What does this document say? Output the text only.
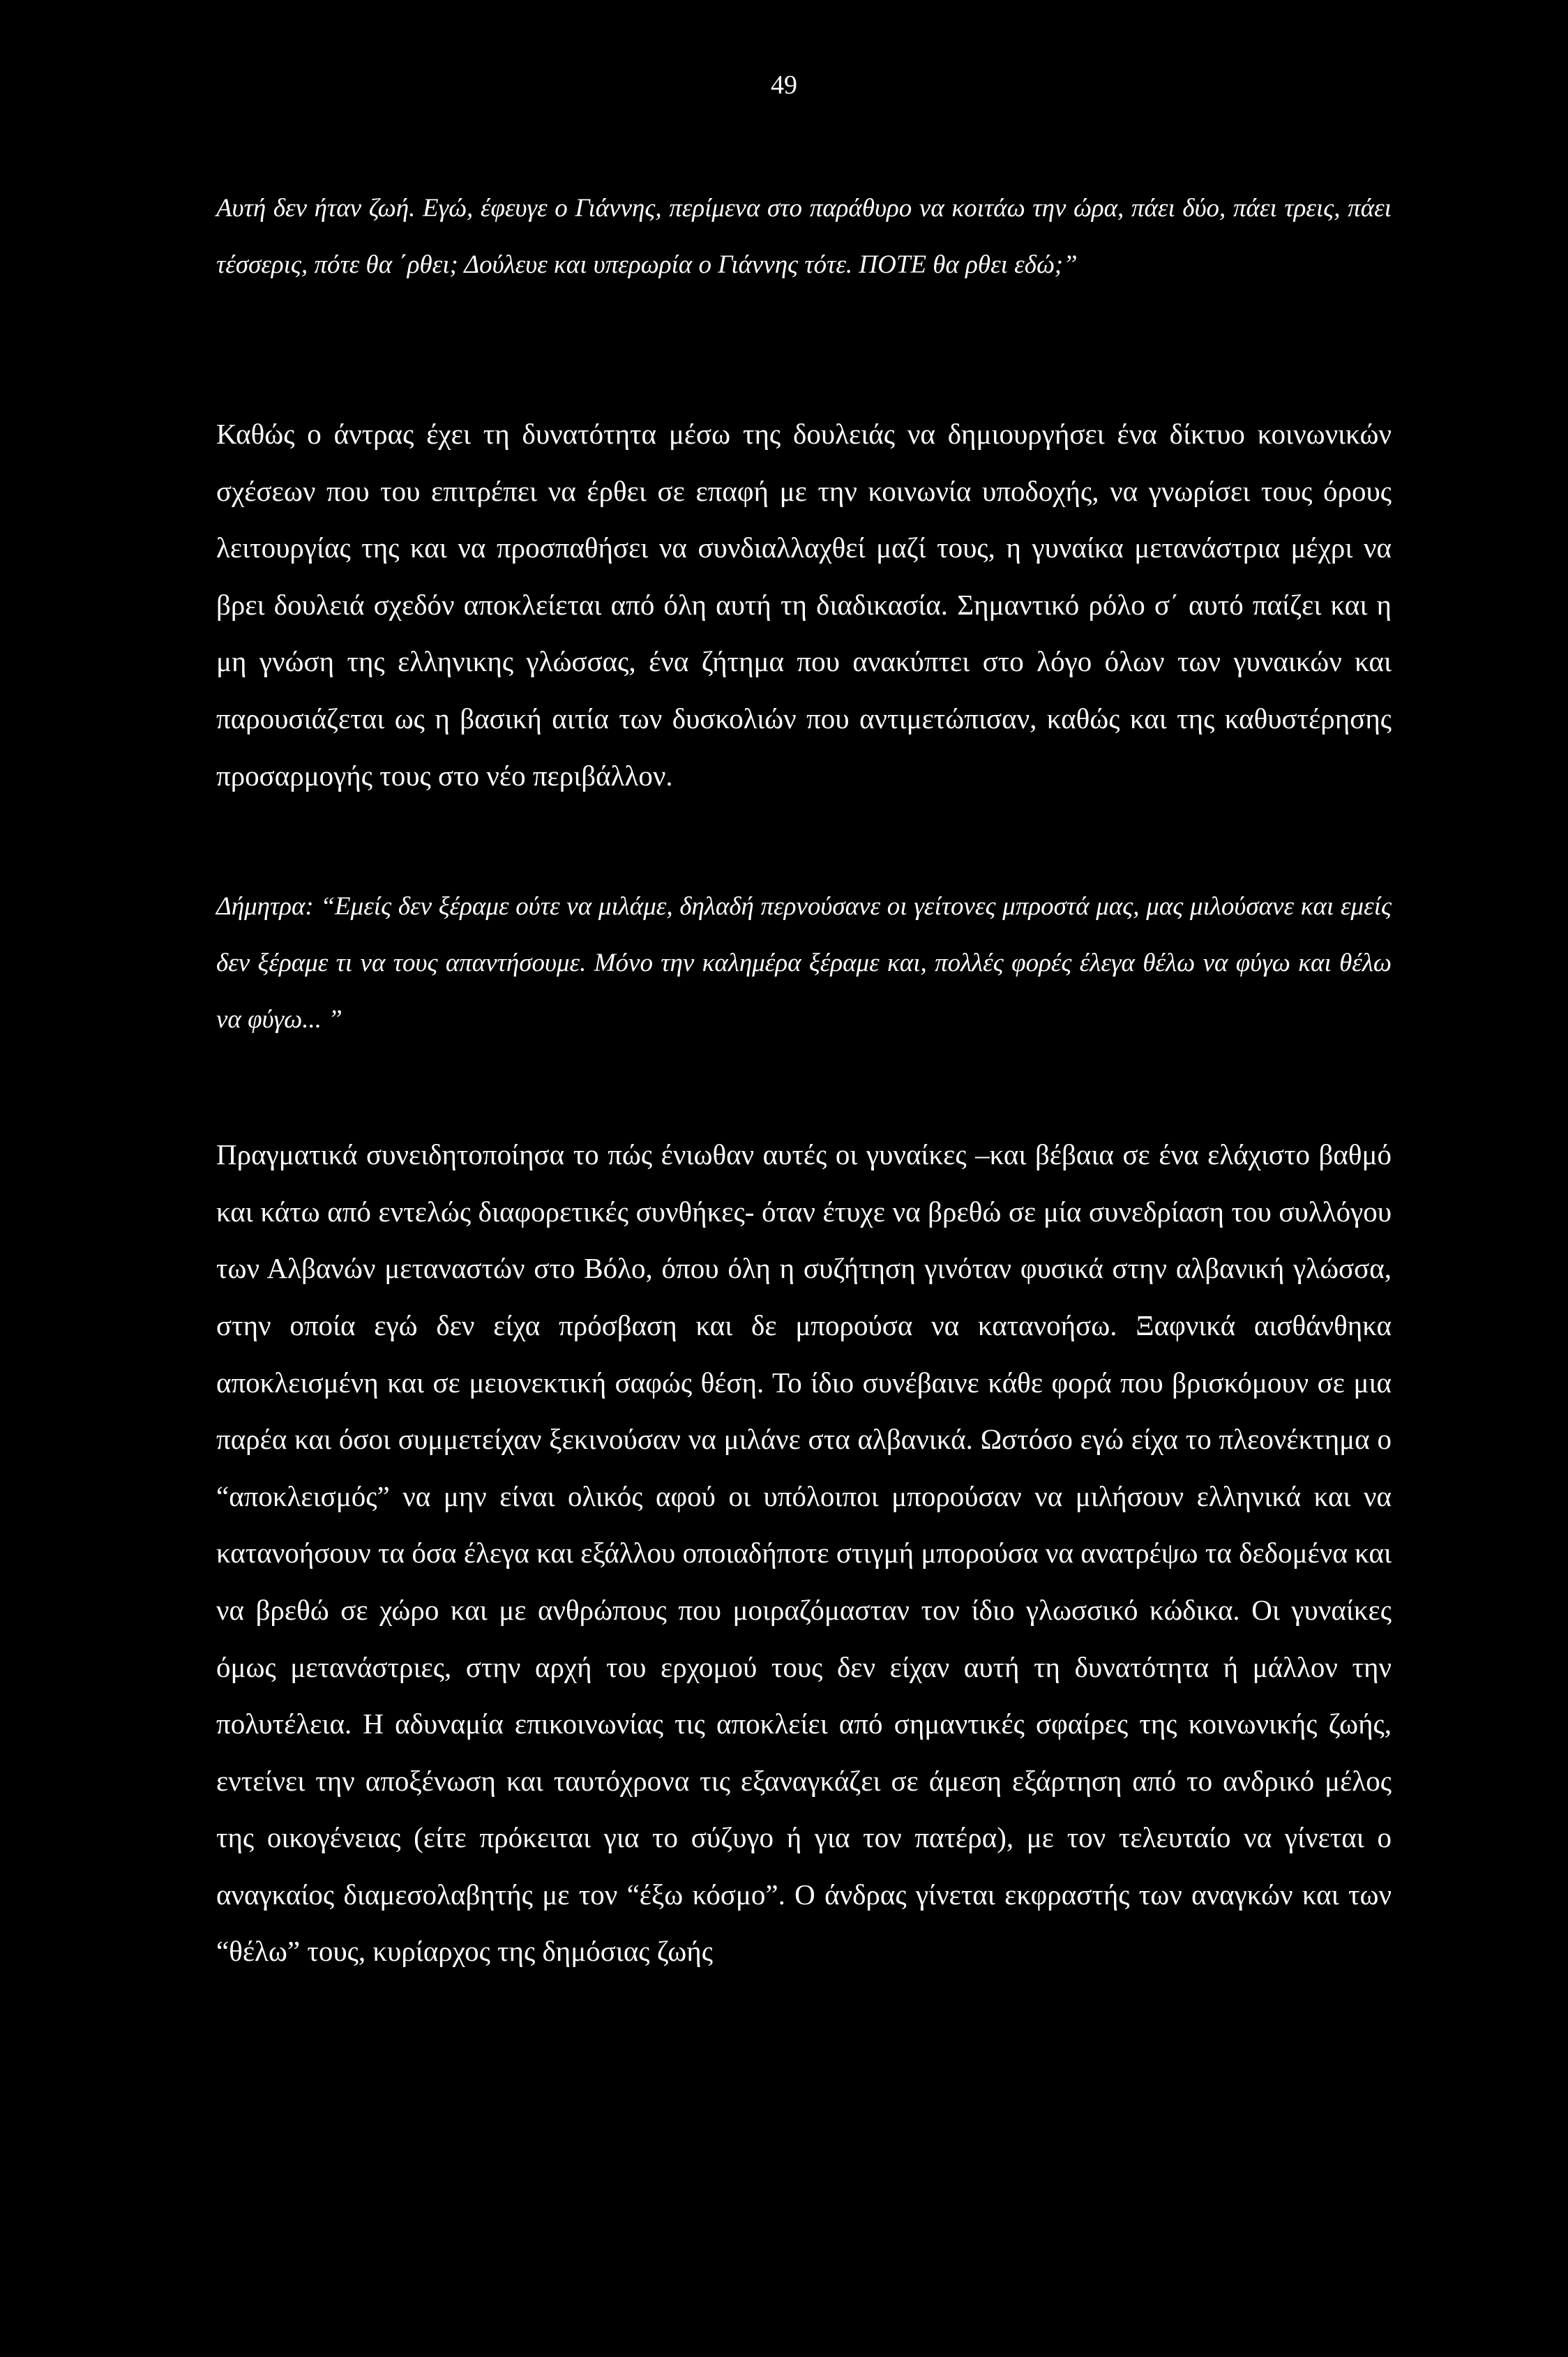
49

Αυτή δεν ήταν ζωή. Εγώ, έφευγε ο Γιάννης, περίμενα στο παράθυρο να κοιτάω την ώρα, πάει δύο, πάει τρεις, πάει τέσσερις, πότε θα ΄ρθει; Δούλευε και υπερωρία ο Γιάννης τότε. ΠΟΤΕ θα ρθει εδώ;”

Καθώς ο άντρας έχει τη δυνατότητα μέσω της δουλειάς να δημιουργήσει ένα δίκτυο κοινωνικών σχέσεων που του επιτρέπει να έρθει σε επαφή με την κοινωνία υποδοχής, να γνωρίσει τους όρους λειτουργίας της και να προσπαθήσει να συνδιαλλαχθεί μαζί τους, η γυναίκα μετανάστρια μέχρι να βρει δουλειά σχεδόν αποκλείεται από όλη αυτή τη διαδικασία. Σημαντικό ρόλο σ΄ αυτό παίζει και η μη γνώση της ελληνικης γλώσσας, ένα ζήτημα που ανακύπτει στο λόγο όλων των γυναικών και παρουσιάζεται ως η βασική αιτία των δυσκολιών που αντιμετώπισαν, καθώς και της καθυστέρησης προσαρμογής τους στο νέο περιβάλλον.

Δήμητρα: “Εμείς δεν ξέραμε ούτε να μιλάμε, δηλαδή περνούσανε οι γείτονες μπροστά μας, μας μιλούσανε και εμείς δεν ξέραμε τι να τους απαντήσουμε. Μόνο την καλημέρα ξέραμε και, πολλές φορές έλεγα θέλω να φύγω και θέλω να φύγω... ”

Πραγματικά συνειδητοποίησα το πώς ένιωθαν αυτές οι γυναίκες –και βέβαια σε ένα ελάχιστο βαθμό και κάτω από εντελώς διαφορετικές συνθήκες- όταν έτυχε να βρεθώ σε μία συνεδρίαση του συλλόγου των Αλβανών μεταναστών στο Βόλο, όπου όλη η συζήτηση γινόταν φυσικά στην αλβανική γλώσσα, στην οποία εγώ δεν είχα πρόσβαση και δε μπορούσα να κατανοήσω. Ξαφνικά αισθάνθηκα αποκλεισμένη και σε μειονεκτική σαφώς θέση. Το ίδιο συνέβαινε κάθε φορά που βρισκόμουν σε μια παρέα και όσοι συμμετείχαν ξεκινούσαν να μιλάνε στα αλβανικά. Ωστόσο εγώ είχα το πλεονέκτημα ο “αποκλεισμός” να μην είναι ολικός αφού οι υπόλοιποι μπορούσαν να μιλήσουν ελληνικά και να κατανοήσουν τα όσα έλεγα και εξάλλου οποιαδήποτε στιγμή μπορούσα να ανατρέψω τα δεδομένα και να βρεθώ σε χώρο και με ανθρώπους που μοιραζόμασταν τον ίδιο γλωσσικό κώδικα. Οι γυναίκες όμως μετανάστριες, στην αρχή του ερχομού τους δεν είχαν αυτή τη δυνατότητα ή μάλλον την πολυτέλεια. Η αδυναμία επικοινωνίας τις αποκλείει από σημαντικές σφαίρες της κοινωνικής ζωής, εντείνει την αποξένωση και ταυτόχρονα τις εξαναγκάζει σε άμεση εξάρτηση από το ανδρικό μέλος της οικογένειας (είτε πρόκειται για το σύζυγο ή για τον πατέρα), με τον τελευταίο να γίνεται ο αναγκαίος διαμεσολαβητής με τον “έξω κόσμο”. Ο άνδρας γίνεται εκφραστής των αναγκών και των “θέλω” τους, κυρίαρχος της δημόσιας ζωής
